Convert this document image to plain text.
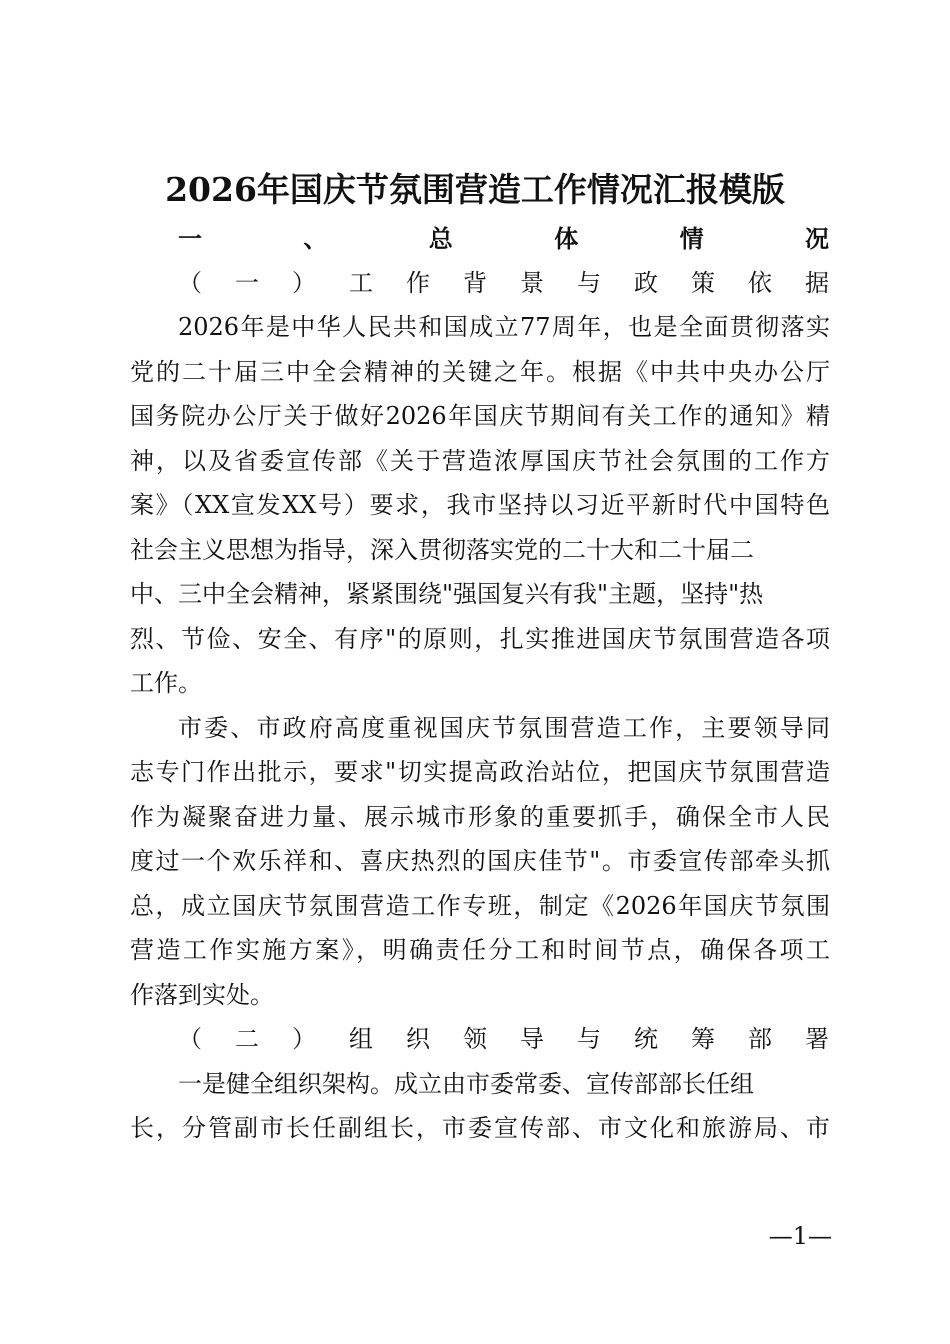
2026年国庆节氛围营造工作情况汇报模版
一、总体情况
（一）工作背景与政策依据
2026年是中华人民共和国成立77周年，也是全面贯彻落实
党的二十届三中全会精神的关键之年。根据《中共中央办公厅
国务院办公厅关于做好2026年国庆节期间有关工作的通知》精
神，以及省委宣传部《关于营造浓厚国庆节社会氛围的工作方
案》（XX宣发XX号）要求，我市坚持以习近平新时代中国特色
社会主义思想为指导，深入贯彻落实党的二十大和二十届二
中、三中全会精神，紧紧围绕"强国复兴有我"主题，坚持"热
烈、节俭、安全、有序"的原则，扎实推进国庆节氛围营造各项
工作。
市委、市政府高度重视国庆节氛围营造工作，主要领导同
志专门作出批示，要求"切实提高政治站位，把国庆节氛围营造
作为凝聚奋进力量、展示城市形象的重要抓手，确保全市人民
度过一个欢乐祥和、喜庆热烈的国庆佳节"。市委宣传部牵头抓
总，成立国庆节氛围营造工作专班，制定《2026年国庆节氛围
营造工作实施方案》，明确责任分工和时间节点，确保各项工
作落到实处。
（二）组织领导与统筹部署
一是健全组织架构。成立由市委常委、宣传部部长任组
长，分管副市长任副组长，市委宣传部、市文化和旅游局、市
—1—
